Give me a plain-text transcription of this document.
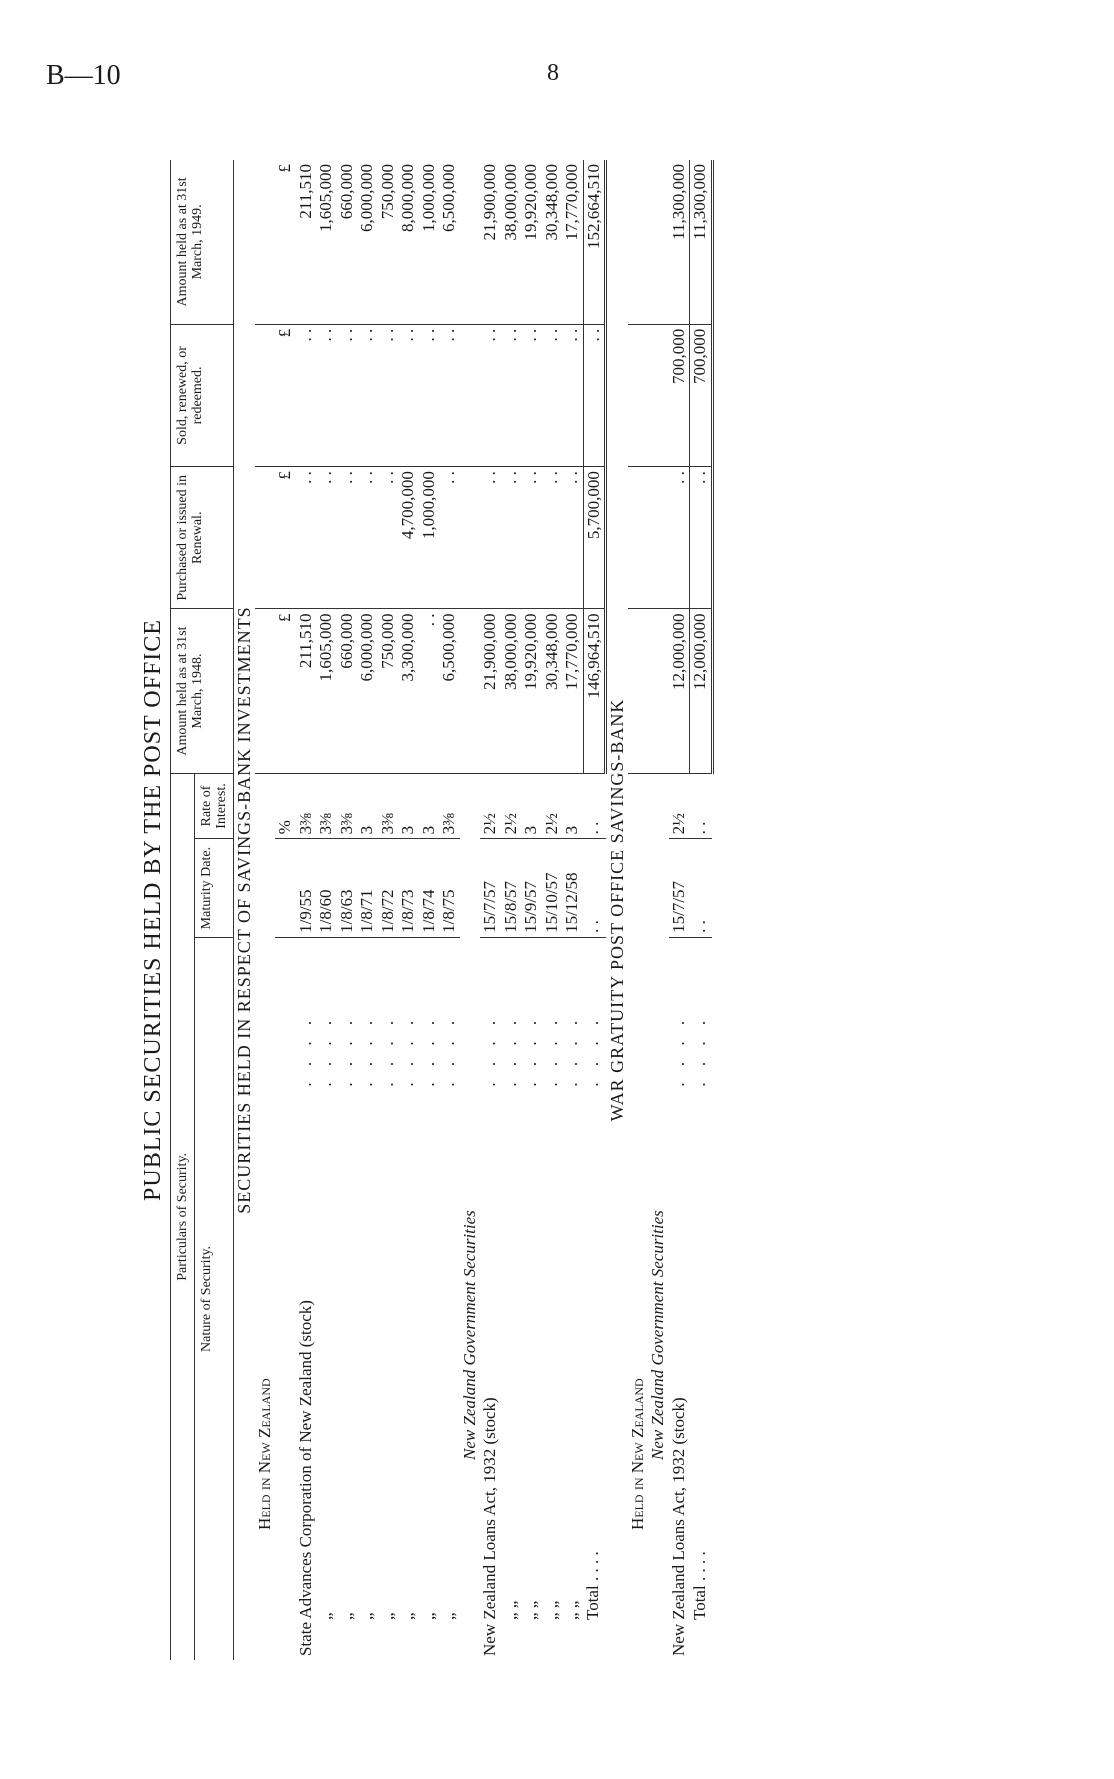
B—10	8
PUBLIC SECURITIES HELD BY THE POST OFFICE
Particulars of Security.				Amount held as at 31st March, 1948.	Purchased or issued in Renewal.	Sold, renewed, or redeemed.	Amount held as at 31st March, 1949.
Nature of Security.		Maturity Date.	Rate of Interest.				
SECURITIES HELD IN RESPECT OF SAVINGS-BANK INVESTMENTS							
Held in New Zealand							
			%	£	£	£	£
State Advances Corporation of New Zealand (stock)	. . . .	1/9/55	3⅜	211,510	. .	. .	211,510
„	. . . .	1/8/60	3⅜	1,605,000	. .	. .	1,605,000
„	. . . .	1/8/63	3⅜	660,000	. .	. .	660,000
„	. . . .	1/8/71	3	6,000,000	. .	. .	6,000,000
„	. . . .	1/8/72	3⅜	750,000	. .	. .	750,000
„	. . . .	1/8/73	3	3,300,000	4,700,000	. .	8,000,000
„	. . . .	1/8/74	3	. .	1,000,000	. .	1,000,000
„	. . . .	1/8/75	3⅜	6,500,000	. .	. .	6,500,000
New Zealand Government Securities							
New Zealand Loans Act, 1932 (stock)	. . . .	15/7/57	2½	21,900,000	. .	. .	21,900,000
„ „	. . . .	15/8/57	2½	38,000,000	. .	. .	38,000,000
„ „	. . . .	15/9/57	3	19,920,000	. .	. .	19,920,000
„ „	. . . .	15/10/57	2½	30,348,000	. .	. .	30,348,000
„ „	. . . .	15/12/58	3	17,770,000	. .	. .	17,770,000
Total . . . .	. . . .	. .	. .	146,964,510	5,700,000	. .	152,664,510
WAR GRATUITY POST OFFICE SAVINGS-BANK							
Held in New Zealand							
New Zealand Government Securities							
New Zealand Loans Act, 1932 (stock)	. . . .	15/7/57	2½	12,000,000	. .	700,000	11,300,000
Total . . . .	. . . .	. .	. .	12,000,000	. .	700,000	11,300,000
